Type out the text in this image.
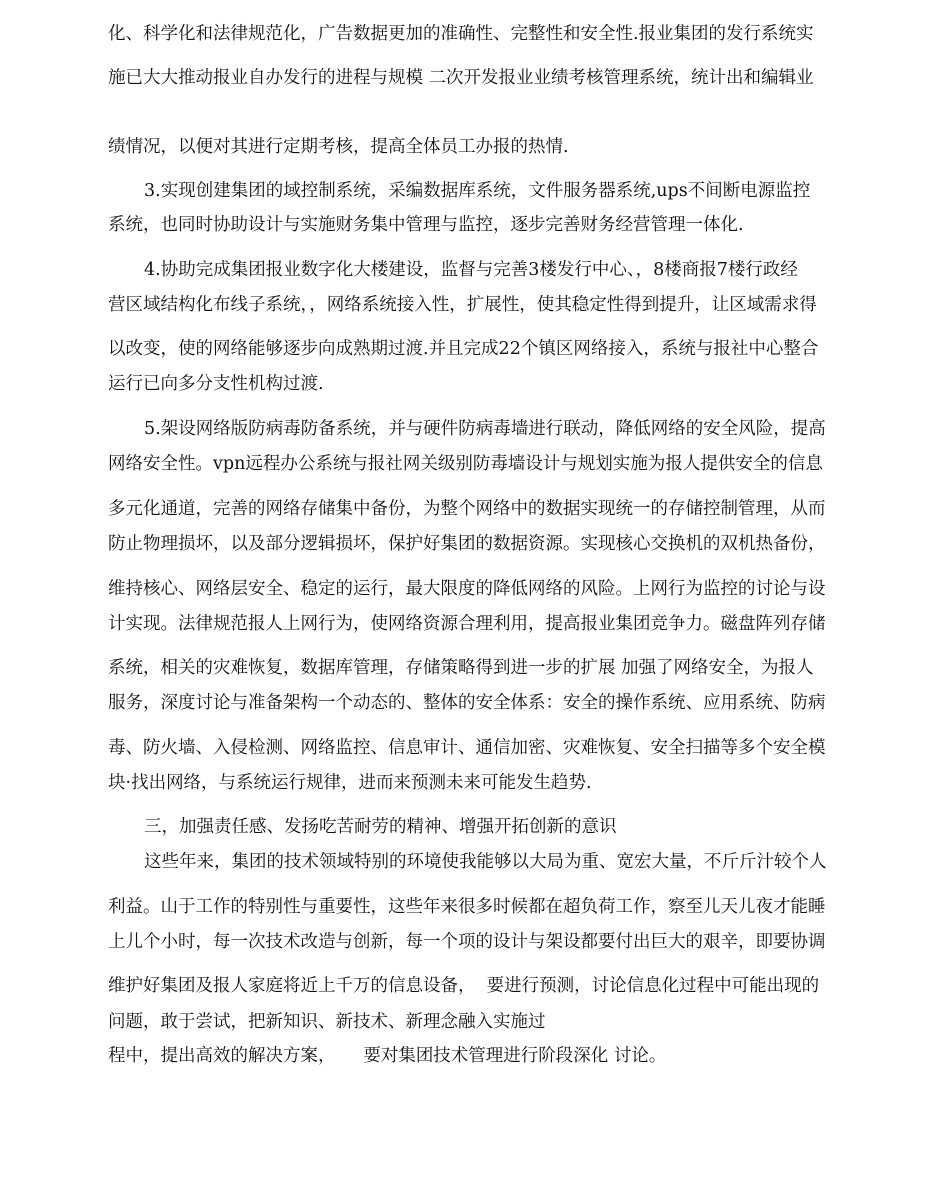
化、科学化和法律规范化，广告数据更加的准确性、完整性和安全性.报业集团的发行系统实
施已大大推动报业自办发行的进程与规模 二次开发报业业绩考核管理系统，统计出和编辑业
绩情况，以便对其进行定期考核，提高全体员工办报的热情.
3.实现创建集团的域控制系统，采编数据库系统，文件服务器系统,ups不间断电源监控
系统，也同时协助设计与实施财务集中管理与监控，逐步完善财务经营管理一体化.
4.协助完成集团报业数字化大楼建设，监督与完善3楼发行中心、，8楼商报7楼行政经
营区域结构化布线子系统，，网络系统接入性，扩展性，使其稳定性得到提升，让区域需求得
以改变，使的网络能够逐步向成熟期过渡.并且完成22个镇区网络接入，系统与报社中心整合
运行已向多分支性机构过渡.
5.架设网络版防病毒防备系统，并与硬件防病毒墙进行联动，降低网络的安全风险，提高
网络安全性。vpn远程办公系统与报社网关级别防毒墙设计与规划实施为报人提供安全的信息
多元化通道，完善的网络存储集中备份，为整个网络中的数据实现统一的存储控制管理，从而
防止物理损坏，以及部分逻辑损坏，保护好集团的数据资源。实现核心交换机的双机热备份，
维持核心、网络层安全、稳定的运行，最大限度的降低网络的风险。上网行为监控的讨论与设
计实现。法律规范报人上网行为，使网络资源合理利用，提高报业集团竞争力。磁盘阵列存储
系统，相关的灾难恢复，数据库管理，存储策略得到进一步的扩展 加强了网络安全，为报人
服务，深度讨论与准备架构一个动态的、整体的安全体系：安全的操作系统、应用系统、防病
毒、防火墙、入侵检测、网络监控、信息审计、通信加密、灾难恢复、安全扫描等多个安全模
块·找出网络，与系统运行规律，进而来预测未来可能发生趋势.
三，加强责任感、发扬吃苦耐劳的精神、增强开拓创新的意识
这些年来，集团的技术领域特别的环境使我能够以大局为重、宽宏大量，不斤斤汁较个人
利益。山于工作的特别性与重要性，这些年来很多时候都在超负荷工作，察至儿天儿夜才能睡
上儿个小时，每一次技术改造与创新，每一个项的设计与架设都要付出巨大的艰辛，即要协调
维护好集团及报人家庭将近上千万的信息设备，  要进行预测，讨论信息化过程中可能出现的
问题，敢于尝试，把新知识、新技术、新理念融入实施过
程中，提出高效的解决方案，     要对集团技术管理进行阶段深化 讨论。
